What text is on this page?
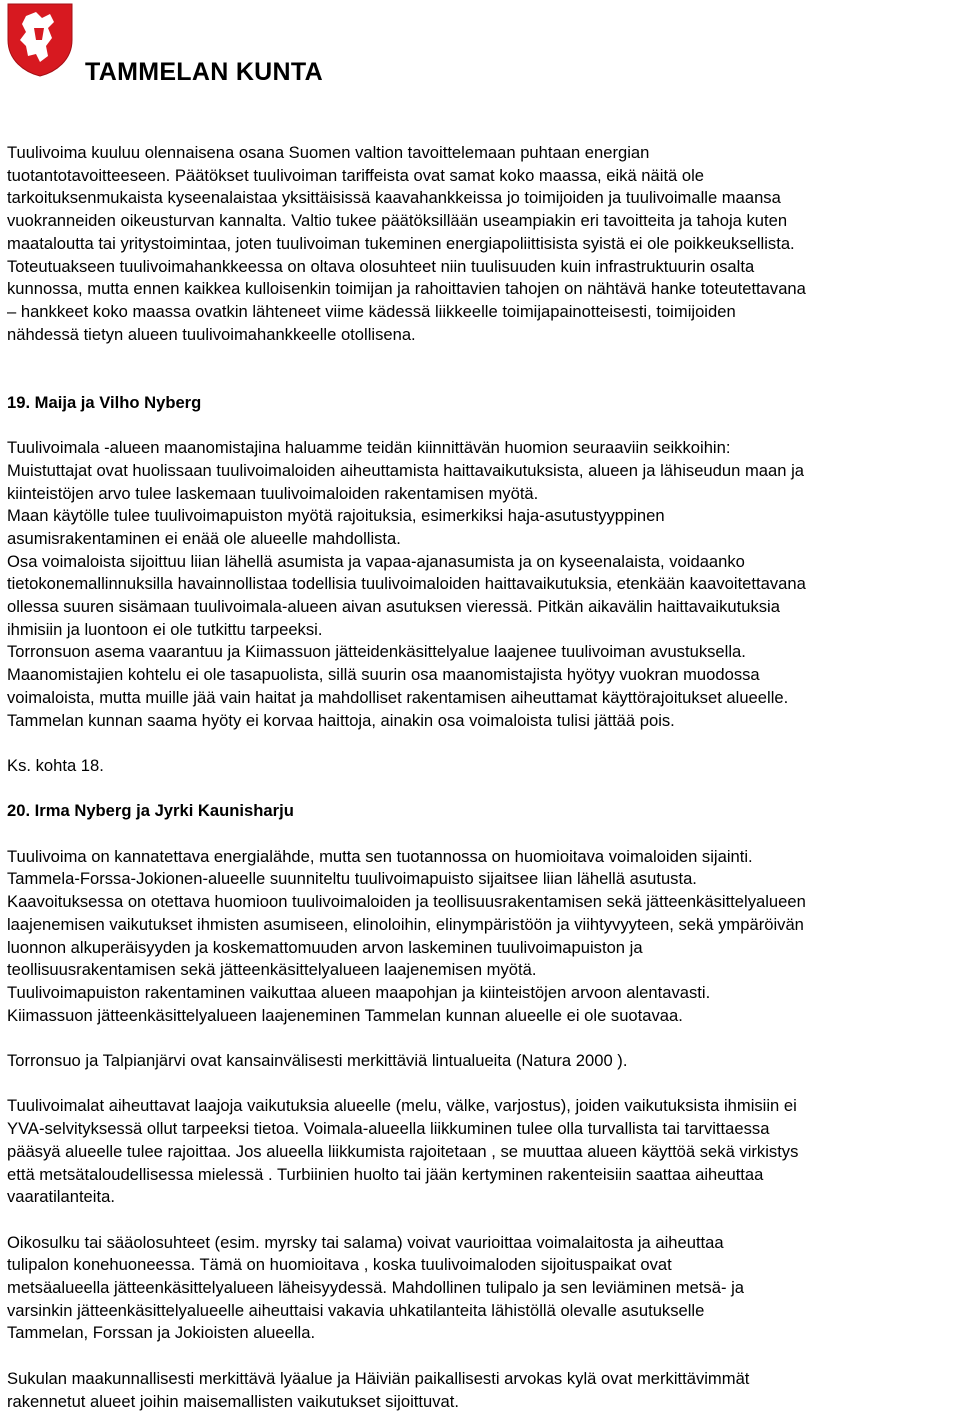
TAMMELAN KUNTA

Tuulivoima kuuluu olennaisena osana Suomen valtion tavoittelemaan puhtaan energian
tuotantotavoitteeseen. Päätökset tuulivoiman tariffeista ovat samat koko maassa, eikä näitä ole
tarkoituksenmukaista kyseenalaistaa yksittäisissä kaavahankkeissa jo toimijoiden ja tuulivoimalle maansa
vuokranneiden oikeusturvan kannalta. Valtio tukee päätöksillään useampiakin eri tavoitteita ja tahoja kuten
maataloutta tai yritystoimintaa, joten tuulivoiman tukeminen energiapoliittisista syistä ei ole poikkeuksellista.
Toteutuakseen tuulivoimahankkeessa on oltava olosuhteet niin tuulisuuden kuin infrastruktuurin osalta
kunnossa, mutta ennen kaikkea kulloisenkin toimijan ja rahoittavien tahojen on nähtävä hanke toteutettavana
– hankkeet koko maassa ovatkin lähteneet viime kädessä liikkeelle toimijapainotteisesti, toimijoiden
nähdessä tietyn alueen tuulivoimahankkeelle otollisena.

19. Maija ja Vilho Nyberg

Tuulivoimala -alueen maanomistajina haluamme teidän kiinnittävän huomion seuraaviin seikkoihin:
Muistuttajat ovat huolissaan tuulivoimaloiden aiheuttamista haittavaikutuksista, alueen ja lähiseudun maan ja
kiinteistöjen arvo tulee laskemaan tuulivoimaloiden rakentamisen myötä.
Maan käytölle tulee tuulivoimapuiston myötä rajoituksia, esimerkiksi haja-asutustyyppinen
asumisrakentaminen ei enää ole alueelle mahdollista.
Osa voimaloista sijoittuu liian lähellä asumista ja vapaa-ajanasumista ja on kyseenalaista, voidaanko
tietokonemallinnuksilla havainnollistaa todellisia tuulivoimaloiden haittavaikutuksia, etenkään kaavoitettavana
ollessa suuren sisämaan tuulivoimala-alueen aivan asutuksen vieressä. Pitkän aikavälin haittavaikutuksia
ihmisiin ja luontoon ei ole tutkittu tarpeeksi.
Torronsuon asema vaarantuu ja Kiimassuon jätteidenkäsittelyalue laajenee tuulivoiman avustuksella.
Maanomistajien kohtelu ei ole tasapuolista, sillä suurin osa maanomistajista hyötyy vuokran muodossa
voimaloista, mutta muille jää vain haitat ja mahdolliset rakentamisen aiheuttamat käyttörajoitukset alueelle.
Tammelan kunnan saama hyöty ei korvaa haittoja, ainakin osa voimaloista tulisi jättää pois.

Ks. kohta 18.

20. Irma Nyberg ja Jyrki Kaunisharju

Tuulivoima on kannatettava energialähde, mutta sen tuotannossa on huomioitava voimaloiden sijainti.
Tammela-Forssa-Jokionen-alueelle suunniteltu tuulivoimapuisto sijaitsee liian lähellä asutusta.
Kaavoituksessa on otettava huomioon tuulivoimaloiden ja teollisuusrakentamisen sekä jätteenkäsittelyalueen
laajenemisen vaikutukset ihmisten asumiseen, elinoloihin, elinympäristöön ja viihtyvyyteen, sekä ympäröivän
luonnon alkuperäisyyden ja koskemattomuuden arvon laskeminen tuulivoimapuiston ja
teollisuusrakentamisen sekä jätteenkäsittelyalueen laajenemisen myötä.
Tuulivoimapuiston rakentaminen vaikuttaa alueen maapohjan ja kiinteistöjen arvoon alentavasti.
Kiimassuon jätteenkäsittelyalueen laajeneminen Tammelan kunnan alueelle ei ole suotavaa.

Torronsuo ja Talpianjärvi ovat kansainvälisesti merkittäviä lintualueita (Natura 2000 ).

Tuulivoimalat aiheuttavat laajoja vaikutuksia alueelle (melu, välke, varjostus), joiden vaikutuksista ihmisiin ei
YVA-selvityksessä ollut tarpeeksi tietoa. Voimala-alueella liikkuminen tulee olla turvallista tai tarvittaessa
pääsyä alueelle tulee rajoittaa. Jos alueella liikkumista rajoitetaan , se muuttaa alueen käyttöä sekä virkistys
että metsätaloudellisessa mielessä . Turbiinien huolto tai jään kertyminen rakenteisiin saattaa aiheuttaa
vaaratilanteita.

Oikosulku tai sääolosuhteet (esim. myrsky tai salama) voivat vaurioittaa voimalaitosta ja aiheuttaa
tulipalon konehuoneessa. Tämä on huomioitava , koska tuulivoimaloden sijoituspaikat ovat
metsäalueella jätteenkäsittelyalueen läheisyydessä. Mahdollinen tulipalo ja sen leviäminen metsä- ja
varsinkin jätteenkäsittelyalueelle aiheuttaisi vakavia uhkatilanteita lähistöllä olevalle asutukselle
Tammelan, Forssan ja Jokioisten alueella.

Sukulan maakunnallisesti merkittävä lyäalue ja Häiviän paikallisesti arvokas kylä ovat merkittävimmät
rakennetut alueet joihin maisemallisten vaikutukset sijoittuvat.
